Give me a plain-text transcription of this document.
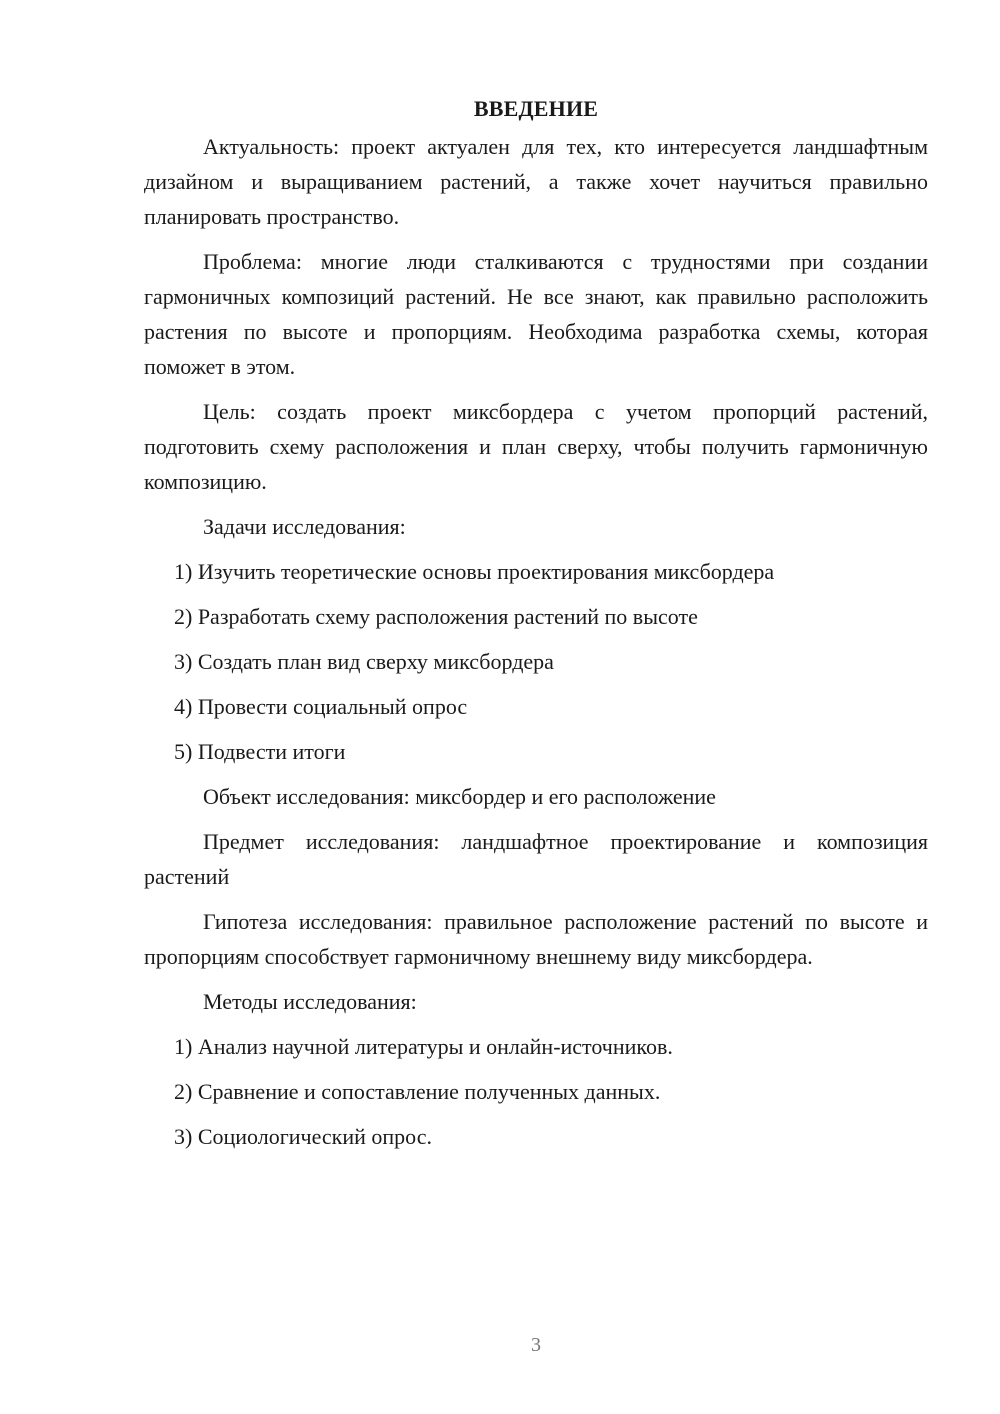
ВВЕДЕНИЕ

Актуальность: проект актуален для тех, кто интересуется ландшафтным дизайном и выращиванием растений, а также хочет научиться правильно планировать пространство.

Проблема: многие люди сталкиваются с трудностями при создании гармоничных композиций растений. Не все знают, как правильно расположить растения по высоте и пропорциям. Необходима разработка схемы, которая поможет в этом.

Цель: создать проект миксбордера с учетом пропорций растений, подготовить схему расположения и план сверху, чтобы получить гармоничную композицию.

Задачи исследования:
1) Изучить теоретические основы проектирования миксбордера
2) Разработать схему расположения растений по высоте
3) Создать план вид сверху миксбордера
4) Провести социальный опрос
5) Подвести итоги
Объект исследования: миксбордер и его расположение

Предмет исследования: ландшафтное проектирование и композиция растений

Гипотеза исследования: правильное расположение растений по высоте и пропорциям способствует гармоничному внешнему виду миксбордера.

Методы исследования:
1) Анализ научной литературы и онлайн-источников.
2) Сравнение и сопоставление полученных данных.
3) Социологический опрос.
3
